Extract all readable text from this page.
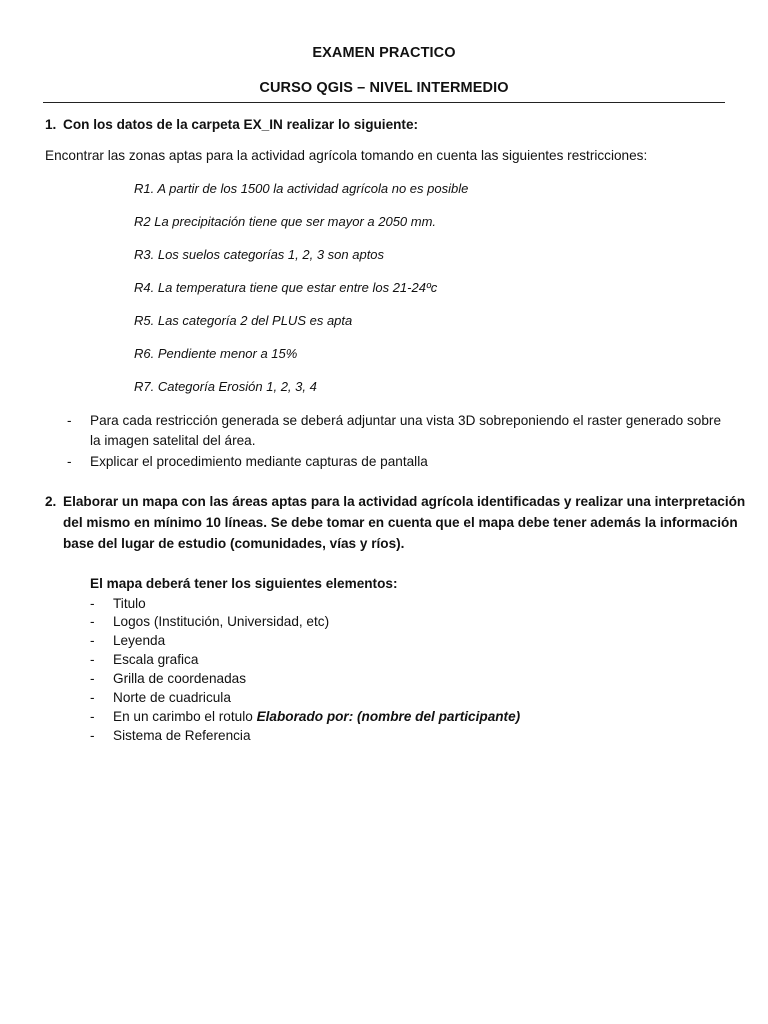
EXAMEN PRACTICO
CURSO QGIS – NIVEL INTERMEDIO
1. Con los datos de la carpeta EX_IN realizar lo siguiente:
Encontrar las zonas aptas para la actividad agrícola tomando en cuenta las siguientes restricciones:
R1. A partir de los 1500 la actividad agrícola no es posible
R2 La precipitación tiene que ser mayor a 2050 mm.
R3. Los suelos categorías 1, 2, 3 son aptos
R4. La temperatura tiene que estar entre los 21-24ºc
R5. Las categoría 2 del PLUS es apta
R6. Pendiente menor a 15%
R7. Categoría Erosión 1, 2, 3, 4
- Para cada restricción generada se deberá adjuntar una vista 3D sobreponiendo el raster generado sobre
la imagen satelital del área.
- Explicar el procedimiento mediante capturas de pantalla
2. Elaborar un mapa con las áreas aptas para la actividad agrícola identificadas y realizar una interpretación
del mismo en mínimo 10 líneas. Se debe tomar en cuenta que el mapa debe tener además la información
base del lugar de estudio (comunidades, vías y ríos).
El mapa deberá tener los siguientes elementos:
- Titulo
- Logos (Institución, Universidad, etc)
- Leyenda
- Escala grafica
- Grilla de coordenadas
- Norte de cuadricula
- En un carimbo el rotulo Elaborado por: (nombre del participante)
- Sistema de Referencia
